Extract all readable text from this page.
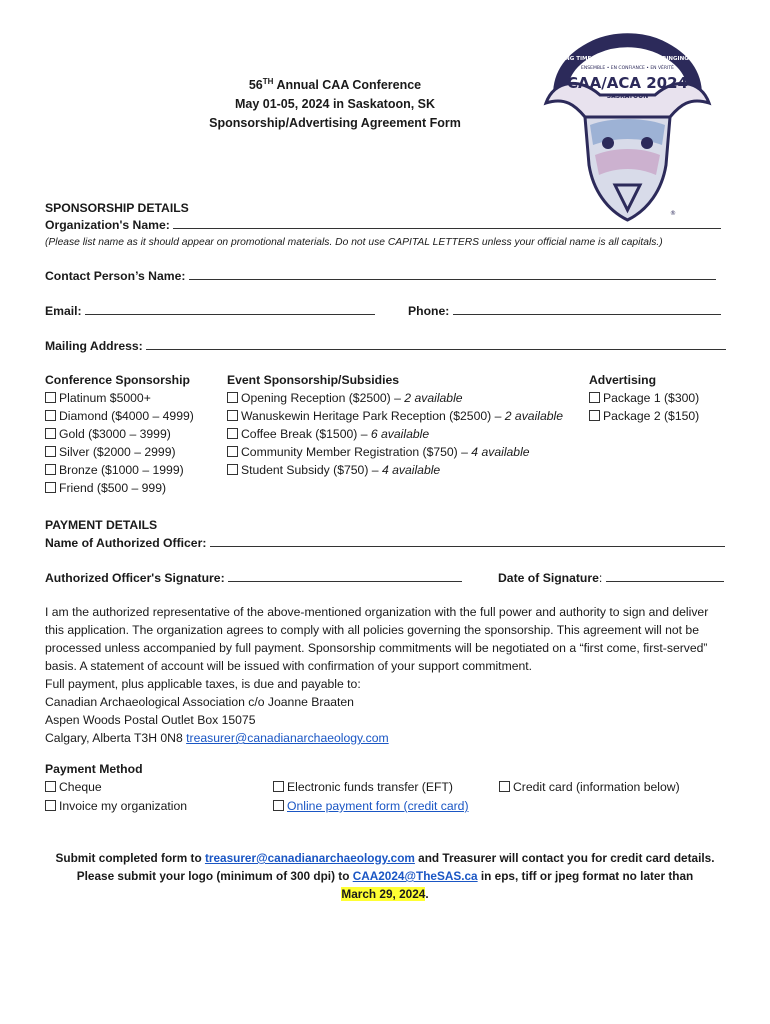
56TH Annual CAA Conference
May 01-05, 2024 in Saskatoon, SK
Sponsorship/Advertising Agreement Form
BRINGING TIME • BUILDING TRUST • BRINGING TRUTH
ENSEMBLE • EN CONFIANCE • EN VÉRITÉ
CAA/ACA 2024
SASKATOON
®
SPONSORSHIP DETAILS
Organization's Name:
(Please list name as it should appear on promotional materials. Do not use CAPITAL LETTERS unless your official name is all capitals.)
Contact Person’s Name:
Email:	Phone:
Mailing Address:
Conference Sponsorship
Platinum $5000+
Diamond ($4000 – 4999)
Gold ($3000 – 3999)
Silver ($2000 – 2999)
Bronze ($1000 – 1999)
Friend ($500 – 999)
Event Sponsorship/Subsidies
Opening Reception ($2500) – 2 available
Wanuskewin Heritage Park Reception ($2500) – 2 available
Coffee Break ($1500) – 6 available
Community Member Registration ($750) – 4 available
Student Subsidy ($750) – 4 available
Advertising
Package 1 ($300)
Package 2 ($150)
PAYMENT DETAILS
Name of Authorized Officer:
Authorized Officer's Signature:	Date of Signature:
I am the authorized representative of the above-mentioned organization with the full power and authority to sign and deliver this application. The organization agrees to comply with all policies governing the sponsorship. This agreement will not be processed unless accompanied by full payment. Sponsorship commitments will be negotiated on a “first come, first-served” basis. A statement of account will be issued with confirmation of your support commitment.
Full payment, plus applicable taxes, is due and payable to:
Canadian Archaeological Association c/o Joanne Braaten
Aspen Woods Postal Outlet Box 15075
Calgary, Alberta T3H 0N8 treasurer@canadianarchaeology.com
Payment Method
Cheque
Invoice my organization
Electronic funds transfer (EFT)
Online payment form (credit card)
Credit card (information below)
Submit completed form to treasurer@canadianarchaeology.com and Treasurer will contact you for credit card details.
Please submit your logo (minimum of 300 dpi) to CAA2024@TheSAS.ca in eps, tiff or jpeg format no later than
March 29, 2024.
